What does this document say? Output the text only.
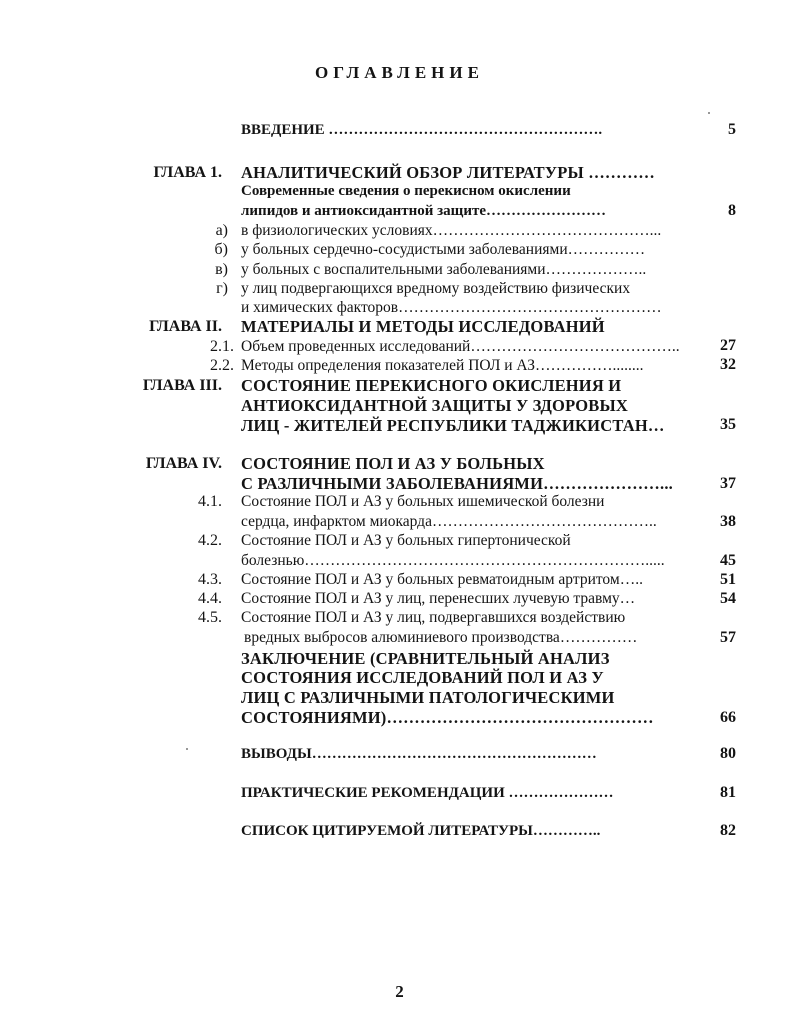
ОГЛАВЛЕНИЕ
ВВЕДЕНИЕ ……………………………………………….	5
ГЛАВА 1. АНАЛИТИЧЕСКИЙ ОБЗОР ЛИТЕРАТУРЫ …………
Современные сведения о перекисном окислении
липидов и антиоксидантной защите……………………	8
а) в физиологических условиях……………………………………...
б) у больных сердечно-сосудистыми заболеваниями……………
в) у больных с воспалительными заболеваниями………………..
г) у лиц подвергающихся вредному воздействию физических
и химических факторов……………………………………………
ГЛАВА II. МАТЕРИАЛЫ И МЕТОДЫ ИССЛЕДОВАНИЙ
2.1. Объем проведенных исследований…………………………………..	27
2.2. Методы определения показателей ПОЛ и АЗ……………........	32
ГЛАВА III. СОСТОЯНИЕ ПЕРЕКИСНОГО ОКИСЛЕНИЯ И
АНТИОКСИДАНТНОЙ ЗАЩИТЫ У ЗДОРОВЫХ
ЛИЦ - ЖИТЕЛЕЙ РЕСПУБЛИКИ ТАДЖИКИСТАН…	35
ГЛАВА IV. СОСТОЯНИЕ ПОЛ И АЗ У БОЛЬНЫХ
С РАЗЛИЧНЫМИ ЗАБОЛЕВАНИЯМИ…………………...	37
4.1. Состояние ПОЛ и АЗ у больных ишемической болезни
сердца, инфарктом миокарда……………………………………..	38
4.2. Состояние ПОЛ и АЗ у больных гипертонической
болезнью………………………………………………………….....	45
4.3. Состояние ПОЛ и АЗ у больных ревматоидным артритом…..	51
4.4. Состояние ПОЛ и АЗ у лиц, перенесших лучевую травму…	54
4.5. Состояние ПОЛ и АЗ у лиц, подвергавшихся воздействию
вредных выбросов алюминиевого производства……………	57
ЗАКЛЮЧЕНИЕ (СРАВНИТЕЛЬНЫЙ АНАЛИЗ
СОСТОЯНИЯ ИССЛЕДОВАНИЙ ПОЛ И АЗ У
ЛИЦ С РАЗЛИЧНЫМИ ПАТОЛОГИЧЕСКИМИ
СОСТОЯНИЯМИ)…………………………………………	66
ВЫВОДЫ…………………………………………………	80
ПРАКТИЧЕСКИЕ РЕКОМЕНДАЦИИ …………………	81
СПИСОК ЦИТИРУЕМОЙ ЛИТЕРАТУРЫ…………..	82
2
